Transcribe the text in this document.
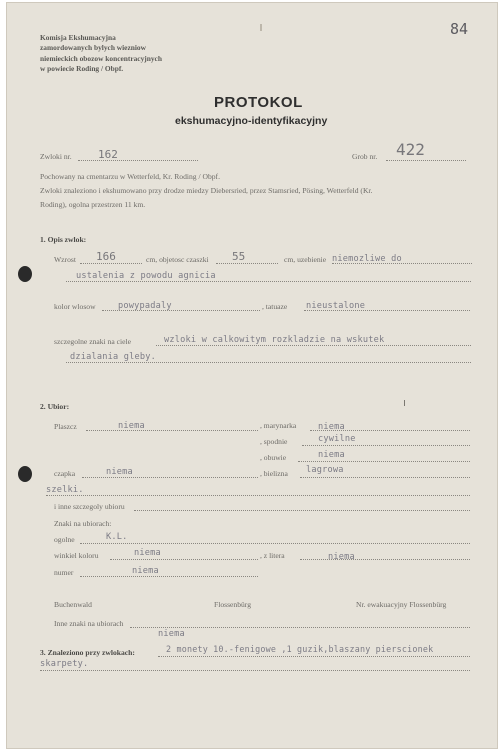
84
Komisja Ekshumacyjna
zamordowanych bylych wiezniow
niemieckich obozow koncentracyjnych
w powiecie Roding / Obpf.
PROTOKOL
ekshumacyjno-identyfikacyjny
Zwloki nr. 162	Grob nr. 422
Pochowany na cmentarzu w Wetterfeld, Kr. Roding / Obpf.
Zwloki znaleziono i ekshumowano przy drodze miedzy Diebersried, przez Stamsried, Pösing, Wetterfeld (Kr.
Roding), ogolna przestrzen 11 km.
1. Opis zwlok:
Wzrost 166	cm, objetosc czaszki 55	cm, uzebienie niemozliwe do
ustalenia z powodu agnicia
kolor wlosow	powypadaly	, tatuaze nieustalone
szczegolne znaki na ciele	wzloki w calkowitym rozkladzie na wskutek
dzialania gleby.
2. Ubior:
Plaszcz	niema	, marynarka	niema
, spodnie	cywilne
, obuwie	niema
czapka	niema	, bielizna lagrowa
szelki.
i inne szczegoly ubioru
Znaki na ubiorach:
ogolne	K.L.
winkiel koloru	niema	, z litera	niema
numer	niema
Buchenwald	Flossenbürg	Nr. ewakuacyjny Flossenbürg
Inne znaki na ubiorach
niema
3. Znaleziono przy zwlokach:	2 monety 10.-fenigowe ,1 guzik,blaszany pierscionek
skarpety.
